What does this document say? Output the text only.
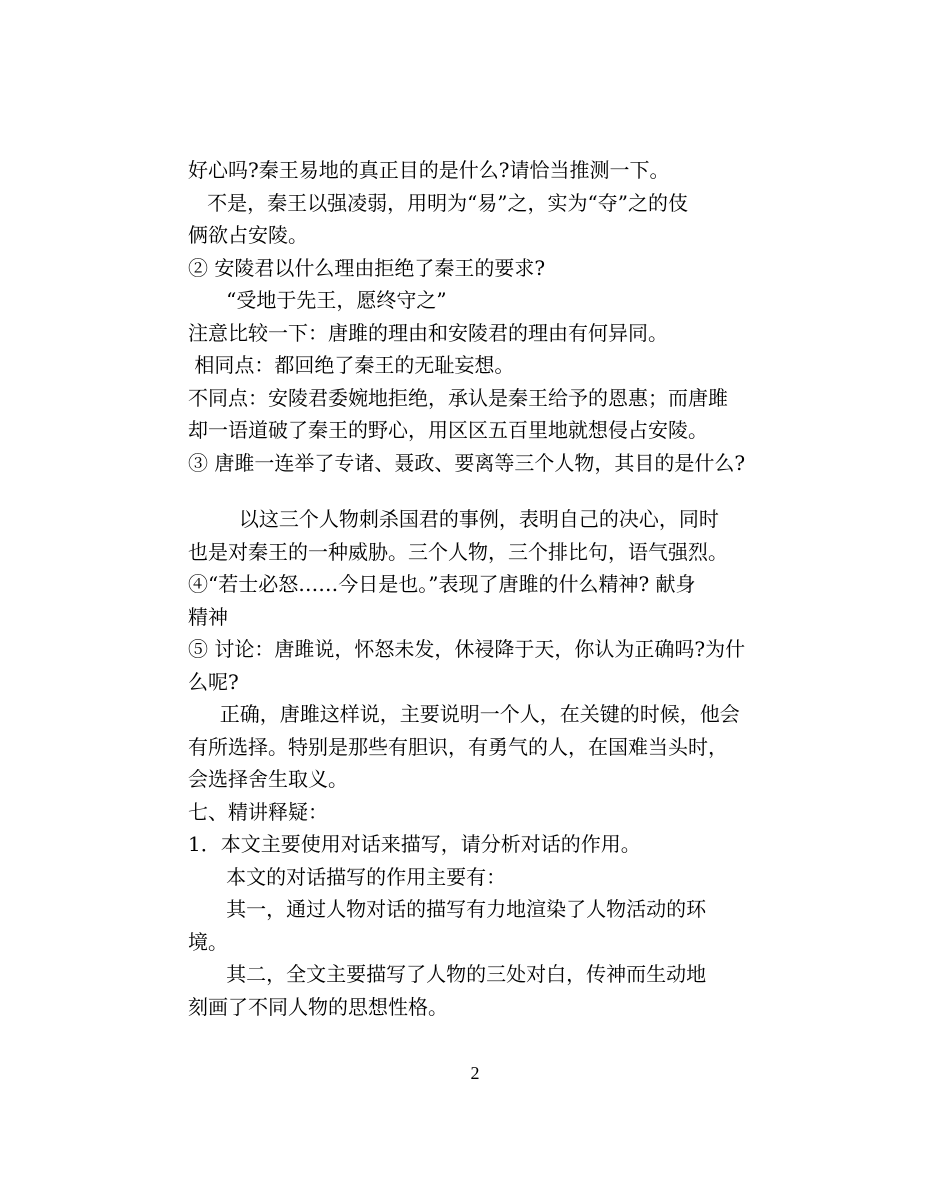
好心吗?秦王易地的真正目的是什么?请恰当推测一下。
不是，秦王以强凌弱，用明为“易”之，实为“夺”之的伎
俩欲占安陵。
② 安陵君以什么理由拒绝了秦王的要求?
“受地于先王，愿终守之”
注意比较一下：唐雎的理由和安陵君的理由有何异同。
相同点：都回绝了秦王的无耻妄想。
不同点：安陵君委婉地拒绝，承认是秦王给予的恩惠；而唐雎
却一语道破了秦王的野心，用区区五百里地就想侵占安陵。
③ 唐雎一连举了专诸、聂政、要离等三个人物，其目的是什么?
以这三个人物刺杀国君的事例，表明自己的决心，同时
也是对秦王的一种威胁。三个人物，三个排比句，语气强烈。
④“若士必怒……今日是也。”表现了唐雎的什么精神? 献身
精神
⑤ 讨论：唐雎说，怀怒未发，休祲降于天，你认为正确吗?为什
么呢?
正确，唐雎这样说，主要说明一个人，在关键的时候，他会
有所选择。特别是那些有胆识，有勇气的人，在国难当头时，
会选择舍生取义。
七、精讲释疑：
1．本文主要使用对话来描写，请分析对话的作用。
本文的对话描写的作用主要有：
其一，通过人物对话的描写有力地渲染了人物活动的环
境。
其二，全文主要描写了人物的三处对白，传神而生动地
刻画了不同人物的思想性格。
2
